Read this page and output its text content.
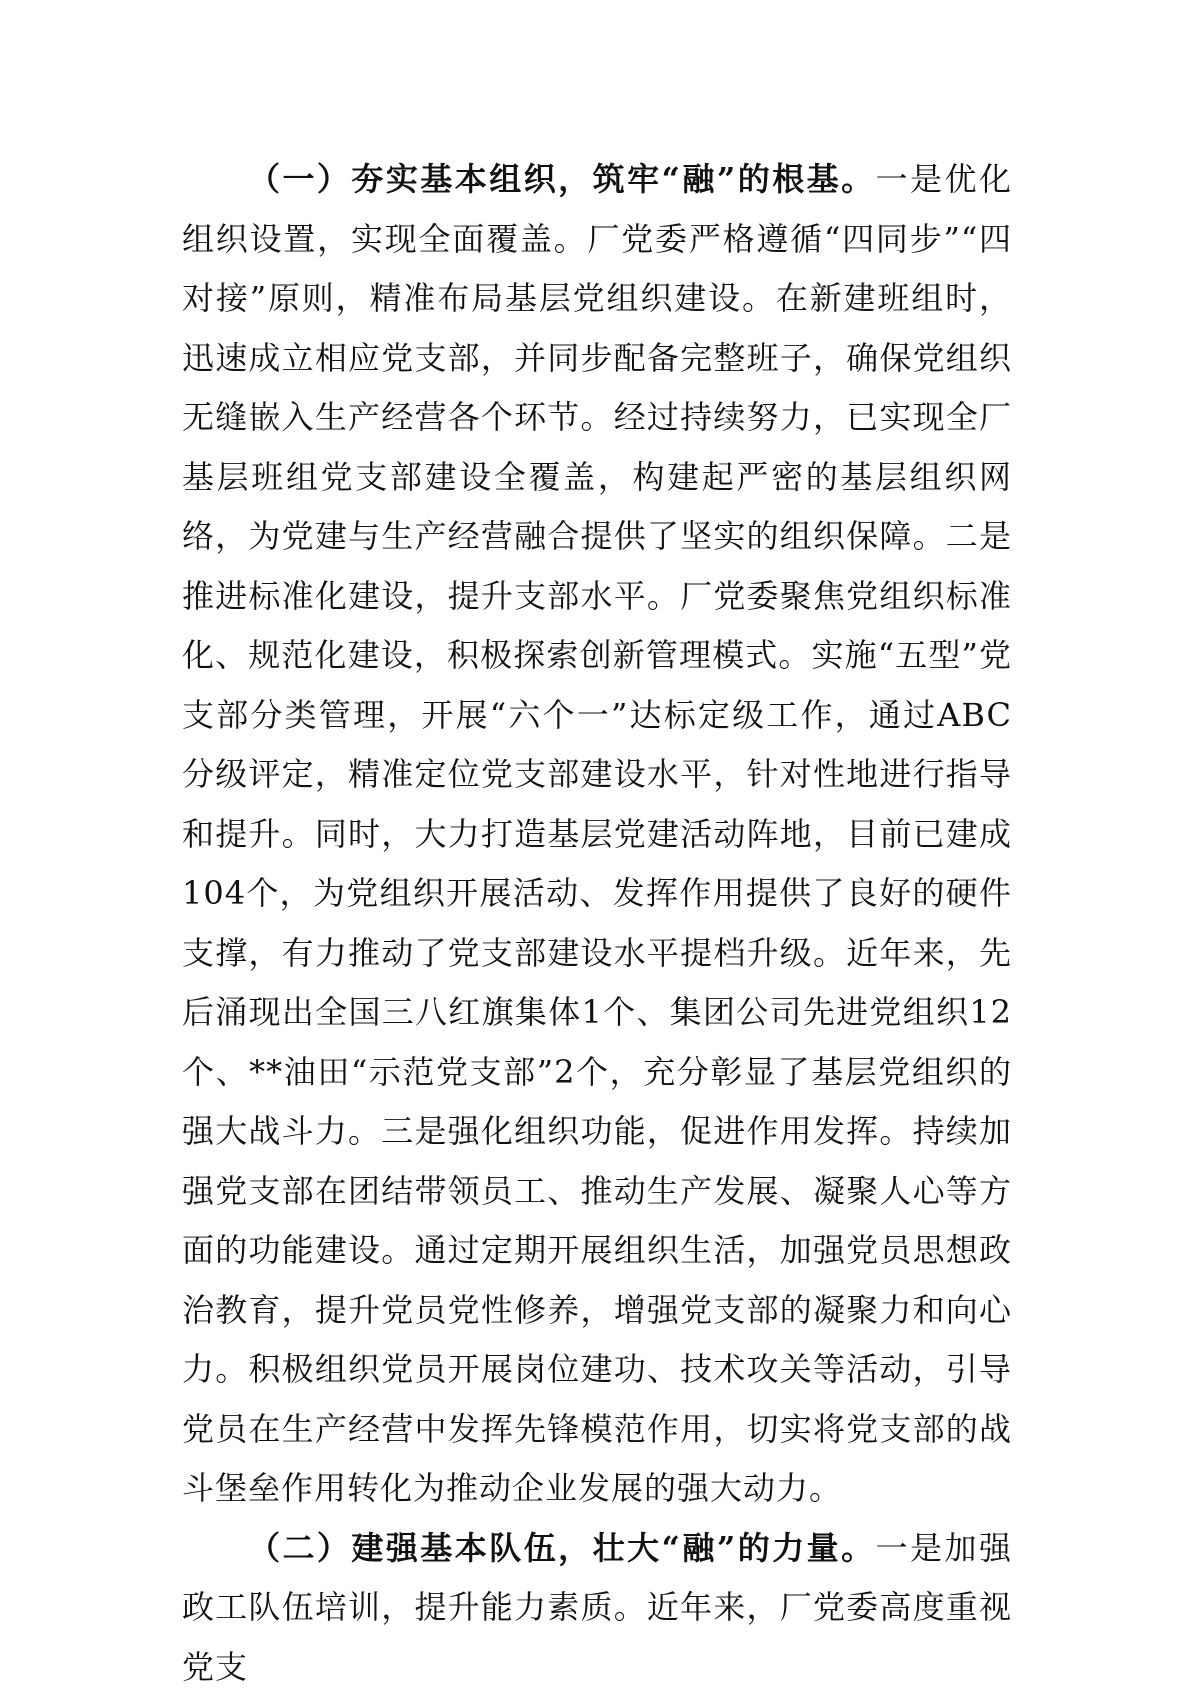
（一）夯实基本组织，筑牢“融”的根基。一是优化组织设置，实现全面覆盖。厂党委严格遵循“四同步”“四对接”原则，精准布局基层党组织建设。在新建班组时，迅速成立相应党支部，并同步配备完整班子，确保党组织无缝嵌入生产经营各个环节。经过持续努力，已实现全厂基层班组党支部建设全覆盖，构建起严密的基层组织网络，为党建与生产经营融合提供了坚实的组织保障。二是推进标准化建设，提升支部水平。厂党委聚焦党组织标准化、规范化建设，积极探索创新管理模式。实施“五型”党支部分类管理，开展“六个一”达标定级工作，通过ABC分级评定，精准定位党支部建设水平，针对性地进行指导和提升。同时，大力打造基层党建活动阵地，目前已建成104个，为党组织开展活动、发挥作用提供了良好的硬件支撑，有力推动了党支部建设水平提档升级。近年来，先后涌现出全国三八红旗集体1个、集团公司先进党组织12个、**油田“示范党支部”2个，充分彰显了基层党组织的强大战斗力。三是强化组织功能，促进作用发挥。持续加强党支部在团结带领员工、推动生产发展、凝聚人心等方面的功能建设。通过定期开展组织生活，加强党员思想政治教育，提升党员党性修养，增强党支部的凝聚力和向心力。积极组织党员开展岗位建功、技术攻关等活动，引导党员在生产经营中发挥先锋模范作用，切实将党支部的战斗堡垒作用转化为推动企业发展的强大动力。

（二）建强基本队伍，壮大“融”的力量。一是加强政工队伍培训，提升能力素质。近年来，厂党委高度重视党支
